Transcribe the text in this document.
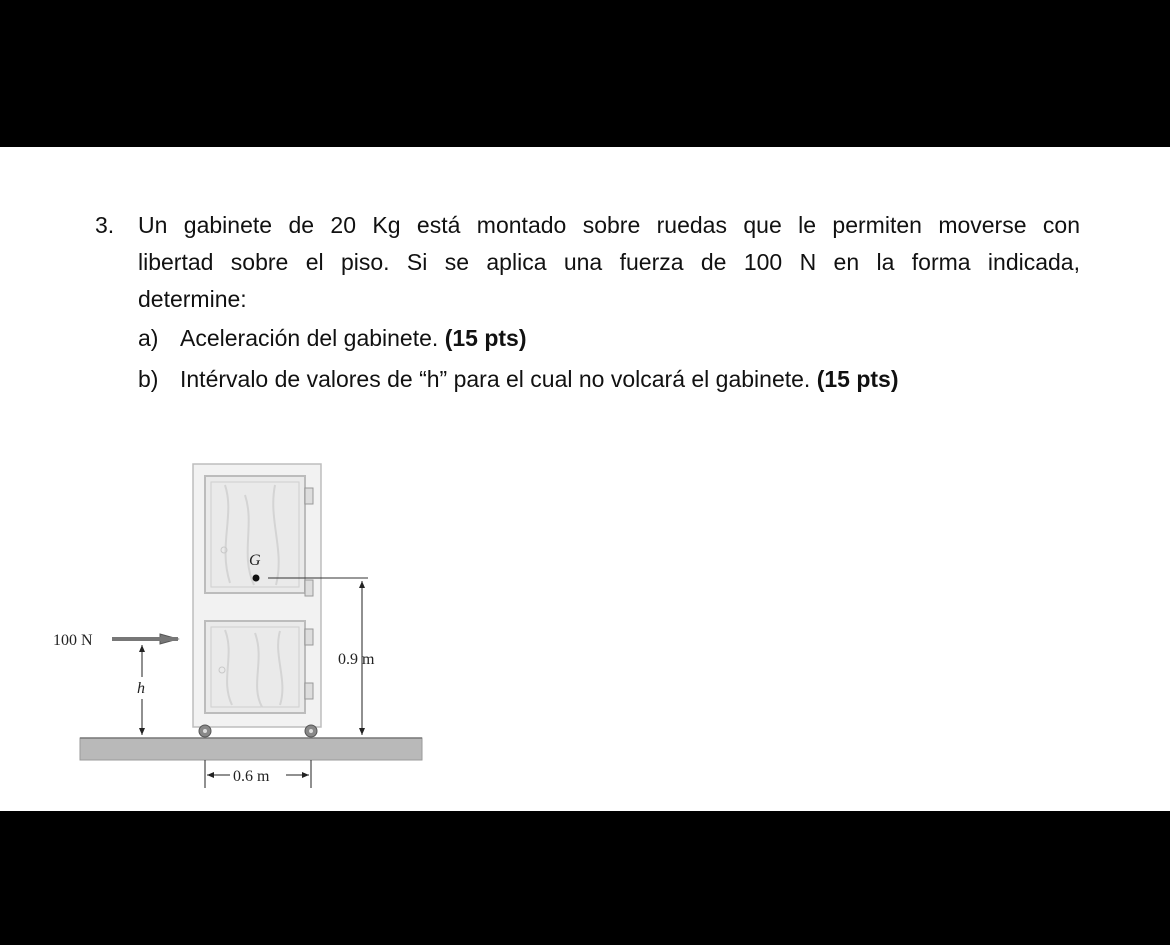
3. Un gabinete de 20 Kg está montado sobre ruedas que le permiten moverse con
libertad sobre el piso. Si se aplica una fuerza de 100 N en la forma indicada,
determine:
a) Aceleración del gabinete. (15 pts)
b) Intérvalo de valores de “h” para el cual no volcará el gabinete. (15 pts)
G
0.9 m
100 N
h
0.6 m
